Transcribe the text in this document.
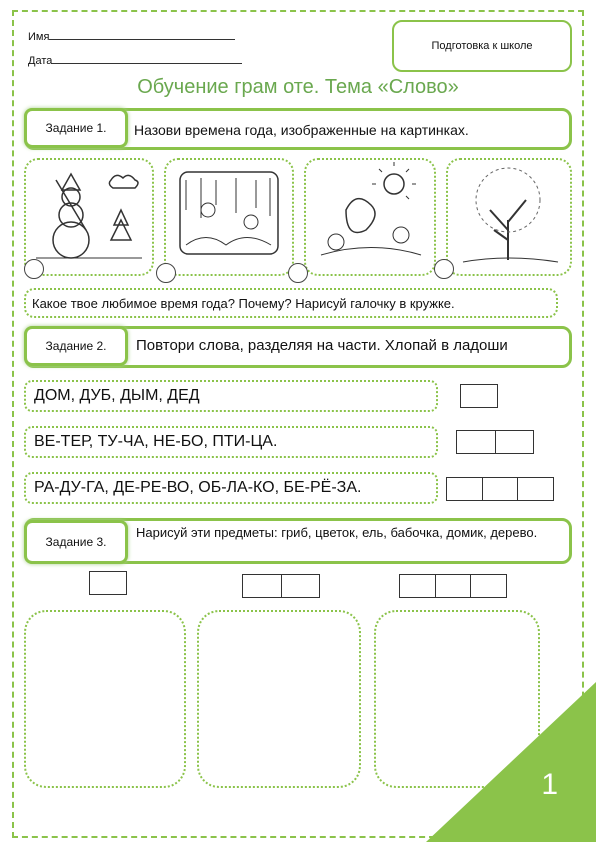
Имя
Дата
Подготовка к школе
Обучение грам оте. Тема «Слово»
Задание 1. Назови времена года, изображенные на картинках.
Какое твое любимое время года? Почему? Нарисуй галочку в кружке.
Задание 2. Повтори слова, разделяя на части. Хлопай в ладоши
ДОМ, ДУБ, ДЫМ, ДЕД
ВЕ-ТЕР, ТУ-ЧА, НЕ-БО, ПТИ-ЦА.
РА-ДУ-ГА, ДЕ-РЕ-ВО, ОБ-ЛА-КО, БЕ-РЁ-ЗА.
Задание 3.
Нарисуй эти предметы: гриб, цветок, ель, бабочка, домик, дерево.
1
